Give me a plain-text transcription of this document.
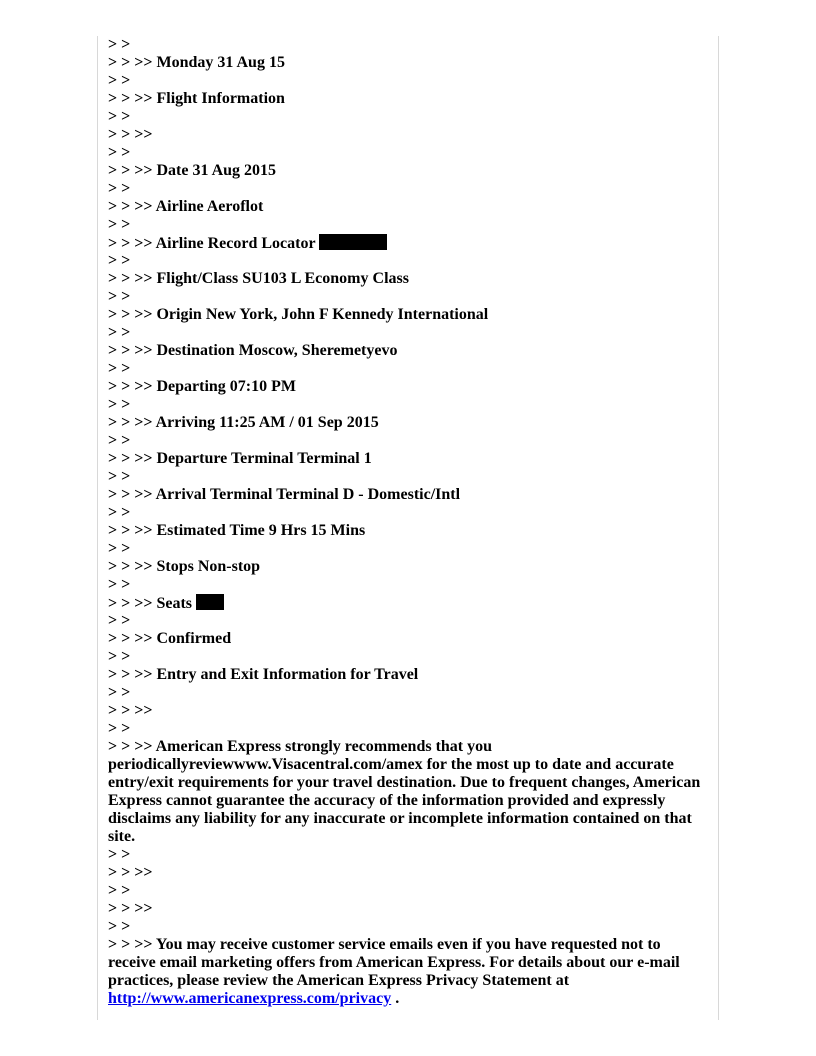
> >
> > >> Monday 31 Aug 15
> >
> > >> Flight Information
> >
> > >>
> >
> > >> Date 31 Aug 2015
> >
> > >> Airline Aeroflot
> >
> > >> Airline Record Locator
> >
> > >> Flight/Class SU103 L Economy Class
> >
> > >> Origin New York, John F Kennedy International
> >
> > >> Destination Moscow, Sheremetyevo
> >
> > >> Departing 07:10 PM
> >
> > >> Arriving 11:25 AM / 01 Sep 2015
> >
> > >> Departure Terminal Terminal 1
> >
> > >> Arrival Terminal Terminal D - Domestic/Intl
> >
> > >> Estimated Time 9 Hrs 15 Mins
> >
> > >> Stops Non-stop
> >
> > >> Seats
> >
> > >> Confirmed
> >
> > >> Entry and Exit Information for Travel
> >
> > >>
> >
> > >> American Express strongly recommends that you periodicallyreviewwww.Visacentral.com/amex for the most up to date and accurate entry/exit requirements for your travel destination. Due to frequent changes, American Express cannot guarantee the accuracy of the information provided and expressly disclaims any liability for any inaccurate or incomplete information contained on that site.
> >
> > >>
> >
> > >>
> >
> > >> You may receive customer service emails even if you have requested not to receive email marketing offers from American Express. For details about our e-mail practices, please review the American Express Privacy Statement at http://www.americanexpress.com/privacy .
